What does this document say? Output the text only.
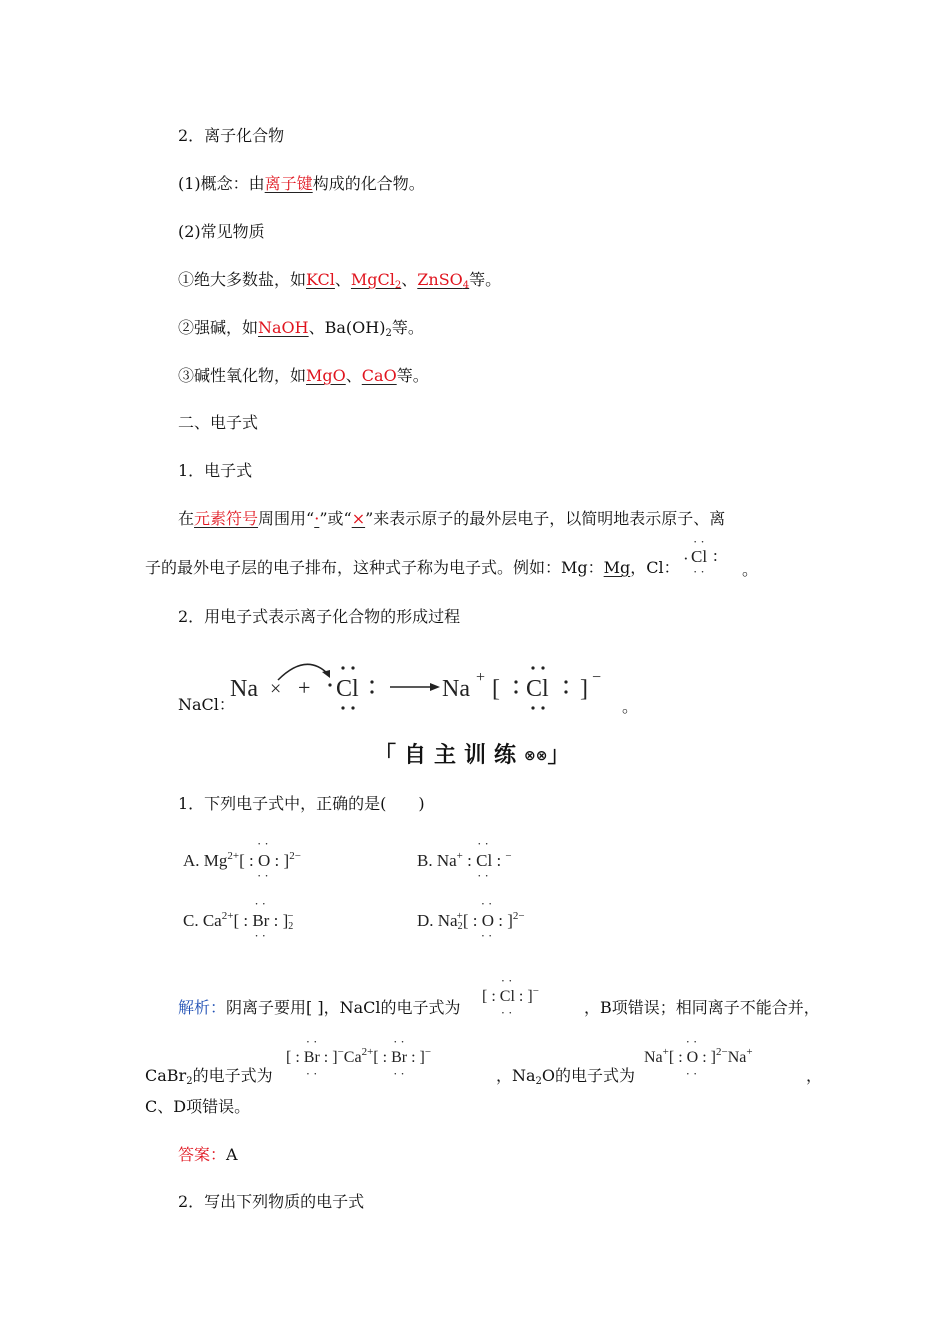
2．离子化合物
(1)概念：由离子键构成的化合物。
(2)常见物质
①绝大多数盐，如KCl、MgCl$_2$、ZnSO$_4$等。
②强碱，如NaOH、$Ba(OH)_2$等。
③碱性氧化物，如MgO、CaO等。
二、电子式
1．电子式
在元素符号周围用“·”或“×”来表示原子的最外层电子，以简明地表示原子、离
子的最外电子层的电子排布，这种式子称为电子式。例如：Mg：Mg，Cl： · Cl :
··
·· 。
2．用电子式表示离子化合物的形成过程
NaCl：
Na × + Cl	Na + [ Cl ] −
。
「自主训练⊗⊗」
1．下列电子式中，正确的是(　　)
A. $Mg^{2+}$[ : O
··
··
: ]$^{2-}$	B. Na+ : Cl
··
··
: −
C. $Ca^{2+}$[ : Br
··
··
: ]$_2^-$	D. $Na_2^+$[ : O
··
··
: ]$^{2-}$
解析：阴离子要用[ ]，NaCl的电子式为
[ : Cl
··
··
: ]−
，B项错误；相同离子不能合并，
[ : Br
··
··
: ]$^-Ca^{2+}$[ : Br
··
··
: ]−	Na+[ : O
··
··
: ]$^{2-}$Na+
CaBr$_2$的电子式为	，$Na_2O$的电子式为	，
C、D项错误。
答案：A
2．写出下列物质的电子式
